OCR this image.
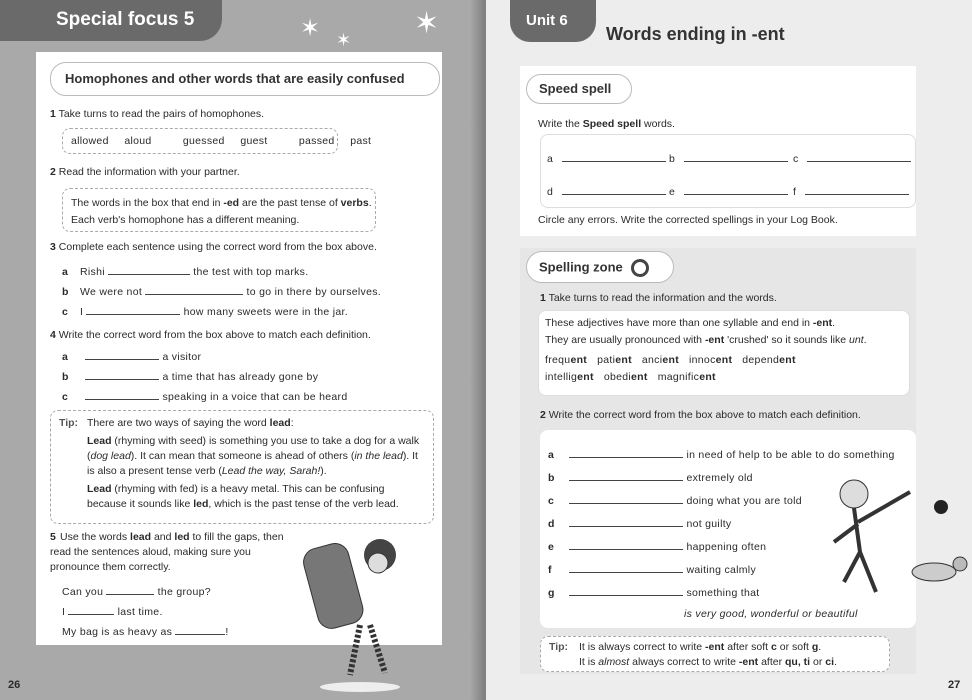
Special focus 5	✶ ✶ ✶
Homophones and other words that are easily confused
1 Take turns to read the pairs of homophones.
allowed aloud	guessed guest	passed past
2 Read the information with your partner.
The words in the box that end in -ed are the past tense of verbs.
Each verb's homophone has a different meaning.
3 Complete each sentence using the correct word from the box above.
a Rishi	the test with top marks.
b We were not	to go in there by ourselves.
c I	how many sweets were in the jar.
4 Write the correct word from the box above to match each definition.
a	a visitor
b	a time that has already gone by
c	speaking in a voice that can be heard
Tip: There are two ways of saying the word lead:
Lead (rhyming with seed) is something you use to take a dog for a walk (dog lead). It can mean that someone is ahead of others (in the lead). It is also a present tense verb (Lead the way, Sarah!).
Lead (rhyming with fed) is a heavy metal. This can be confusing because it sounds like led, which is the past tense of the verb lead.
5 Use the words lead and led to fill the gaps, then read the sentences aloud, making sure you pronounce them correctly.
Can you	the group?
I	last time.
My bag is as heavy as	!
26
Unit 6
Words ending in -ent
Speed spell
Write the Speed spell words.
a	b	c
d	e	f
Circle any errors. Write the corrected spellings in your Log Book.
Spelling zone
1 Take turns to read the information and the words.
These adjectives have more than one syllable and end in -ent.
They are usually pronounced with -ent 'crushed' so it sounds like unt.
frequent patient ancient innocent dependent
intelligent obedient magnificent
2 Write the correct word from the box above to match each definition.
a	in need of help to be able to do something
b	extremely old
c	doing what you are told
d	not guilty
e	happening often
f	waiting calmly
g	something that
is very good, wonderful or beautiful
Tip: It is always correct to write -ent after soft c or soft g.
It is almost always correct to write -ent after qu, ti or ci.
27
